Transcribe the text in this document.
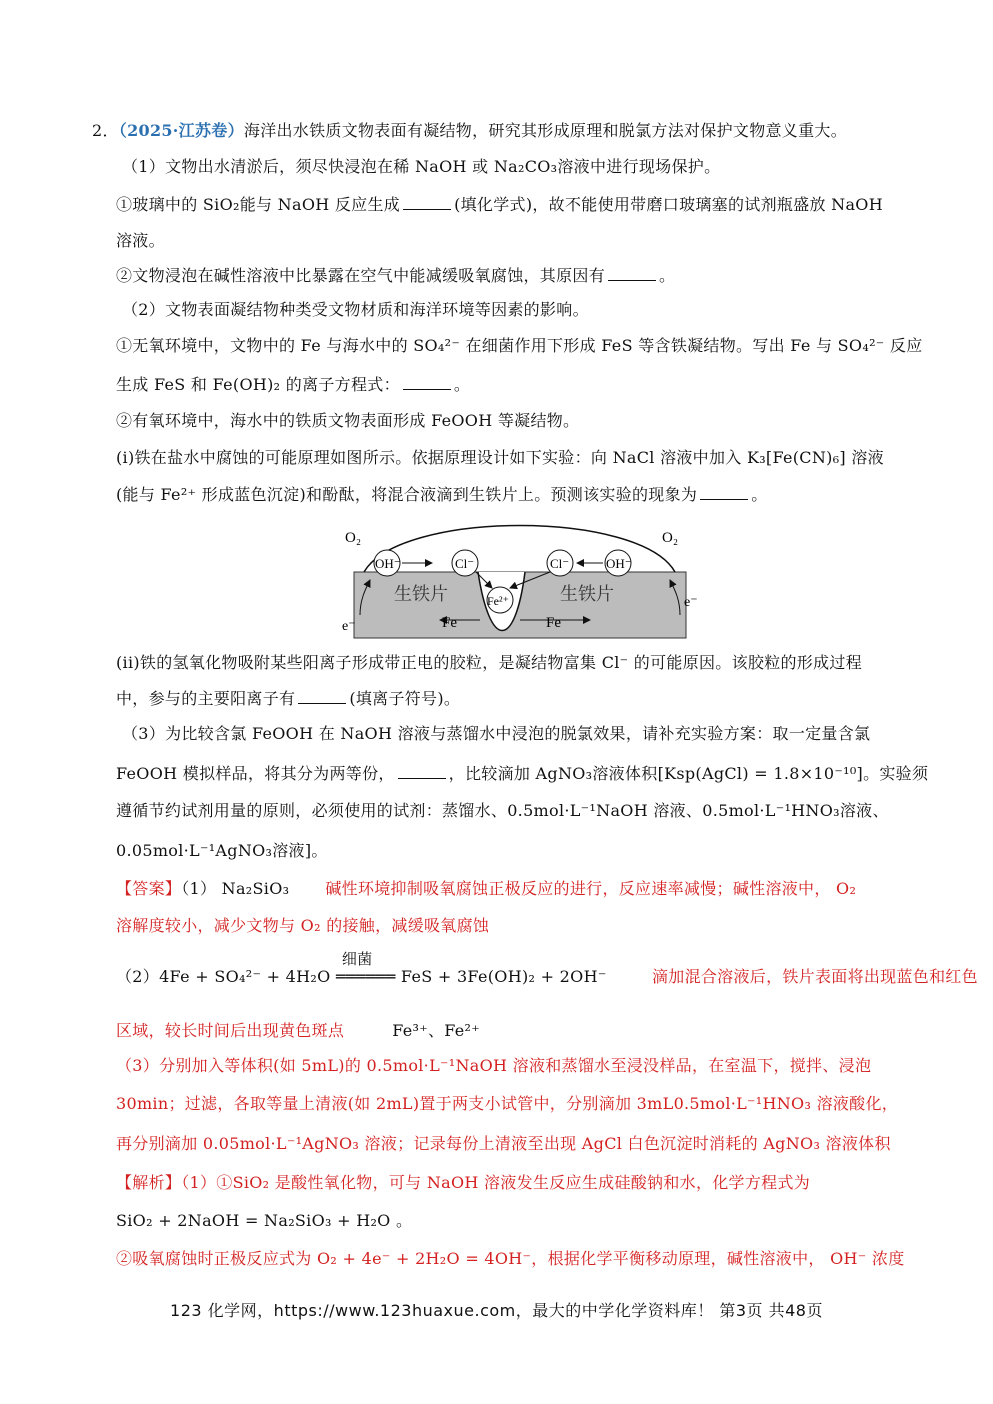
2．（2025·江苏卷）海洋出水铁质文物表面有凝结物，研究其形成原理和脱氯方法对保护文物意义重大。
（1）文物出水清淤后，须尽快浸泡在稀 NaOH 或 Na₂CO₃溶液中进行现场保护。
①玻璃中的 SiO₂能与 NaOH 反应生成	(填化学式)，故不能使用带磨口玻璃塞的试剂瓶盛放 NaOH
溶液。
②文物浸泡在碱性溶液中比暴露在空气中能减缓吸氧腐蚀，其原因有	。
（2）文物表面凝结物种类受文物材质和海洋环境等因素的影响。
①无氧环境中，文物中的 Fe 与海水中的 SO₄²⁻ 在细菌作用下形成 FeS 等含铁凝结物。写出 Fe 与 SO₄²⁻ 反应
生成 FeS 和 Fe(OH)₂ 的离子方程式：	。
②有氧环境中，海水中的铁质文物表面形成 FeOOH 等凝结物。
(i)铁在盐水中腐蚀的可能原理如图所示。依据原理设计如下实验：向 NaCl 溶液中加入 K₃[Fe(CN)₆] 溶液
(能与 Fe²⁺ 形成蓝色沉淀)和酚酞，将混合液滴到生铁片上。预测该实验的现象为	。
O₂	O₂
OH⁻	Cl⁻	Cl⁻	OH⁻
Fe²⁺
生铁片	生铁片
e⁻
e⁻
Fe	Fe
(ii)铁的氢氧化物吸附某些阳离子形成带正电的胶粒，是凝结物富集 Cl⁻ 的可能原因。该胶粒的形成过程
中，参与的主要阳离子有	(填离子符号)。
（3）为比较含氯 FeOOH 在 NaOH 溶液与蒸馏水中浸泡的脱氯效果，请补充实验方案：取一定量含氯
FeOOH 模拟样品，将其分为两等份，	，比较滴加 AgNO₃溶液体积[Ksp(AgCl) = 1.8×10⁻¹⁰]。实验须
遵循节约试剂用量的原则，必须使用的试剂：蒸馏水、0.5mol·L⁻¹NaOH 溶液、0.5mol·L⁻¹HNO₃溶液、
0.05mol·L⁻¹AgNO₃溶液]。
【答案】（1） Na₂SiO₃ 碱性环境抑制吸氧腐蚀正极反应的进行，反应速率减慢；碱性溶液中， O₂
溶解度较小，减少文物与 O₂ 的接触，减缓吸氧腐蚀
（2）4Fe + SO₄²⁻ + 4H₂O
细菌
══════ FeS + 3Fe(OH)₂ + 2OH⁻	滴加混合溶液后，铁片表面将出现蓝色和红色
区域，较长时间后出现黄色斑点	Fe³⁺、Fe²⁺
（3）分别加入等体积(如 5mL)的 0.5mol·L⁻¹NaOH 溶液和蒸馏水至浸没样品，在室温下，搅拌、浸泡
30min；过滤，各取等量上清液(如 2mL)置于两支小试管中，分别滴加 3mL0.5mol·L⁻¹HNO₃ 溶液酸化，
再分别滴加 0.05mol·L⁻¹AgNO₃ 溶液；记录每份上清液至出现 AgCl 白色沉淀时消耗的 AgNO₃ 溶液体积
【解析】（1）①SiO₂ 是酸性氧化物，可与 NaOH 溶液发生反应生成硅酸钠和水，化学方程式为
SiO₂ + 2NaOH = Na₂SiO₃ + H₂O 。
②吸氧腐蚀时正极反应式为 O₂ + 4e⁻ + 2H₂O = 4OH⁻，根据化学平衡移动原理，碱性溶液中， OH⁻ 浓度
123 化学网，https://www.123huaxue.com，最大的中学化学资料库！ 第3页 共48页
